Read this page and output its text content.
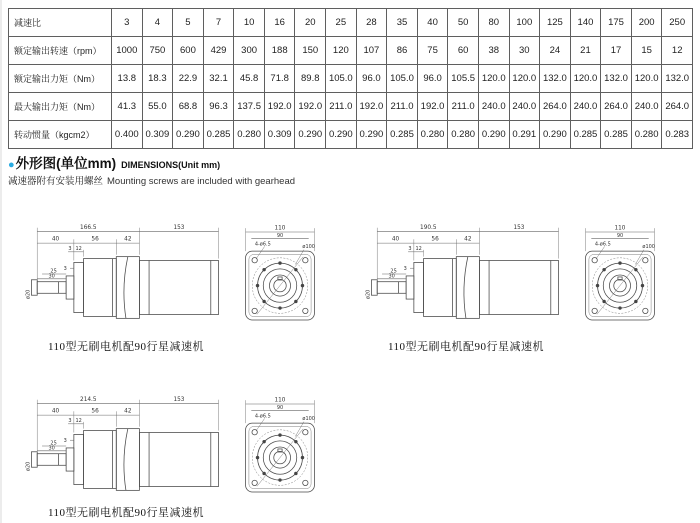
减速比	3	4	5	7	10	16	20	25	28	35	40	50	80	100	125	140	175	200	250
额定输出转速（rpm）	1000	750	600	429	300	188	150	120	107	86	75	60	38	30	24	21	17	15	12
额定输出力矩（Nm）	13.8	18.3	22.9	32.1	45.8	71.8	89.8	105.0	96.0	105.0	96.0	105.5	120.0	120.0	132.0	120.0	132.0	120.0	132.0
最大输出力矩（Nm）	41.3	55.0	68.8	96.3	137.5	192.0	192.0	211.0	192.0	211.0	192.0	211.0	240.0	240.0	264.0	240.0	264.0	240.0	264.0
转动惯量（kgcm2）	0.400	0.309	0.290	0.285	0.280	0.309	0.290	0.290	0.290	0.285	0.280	0.280	0.290	0.291	0.290	0.285	0.285	0.280	0.283
● 外形图(单位mm) DIMENSIONS(Unit mm)
减速器附有安装用螺丝 Mounting screws are included with gearhead
166.5	153
40	56	42
3 12
3
25
30
ø20
110
90
4-ø6.5	ø100
110型无刷电机配90行星减速机
190.5	153
40	56	42
3 12
3
25
30
ø20
110
90
4-ø6.5	ø100
110型无刷电机配90行星减速机
214.5	153
40	56	42
3 12
3
25
30
ø20
110
90
4-ø6.5	ø100
110型无刷电机配90行星减速机
